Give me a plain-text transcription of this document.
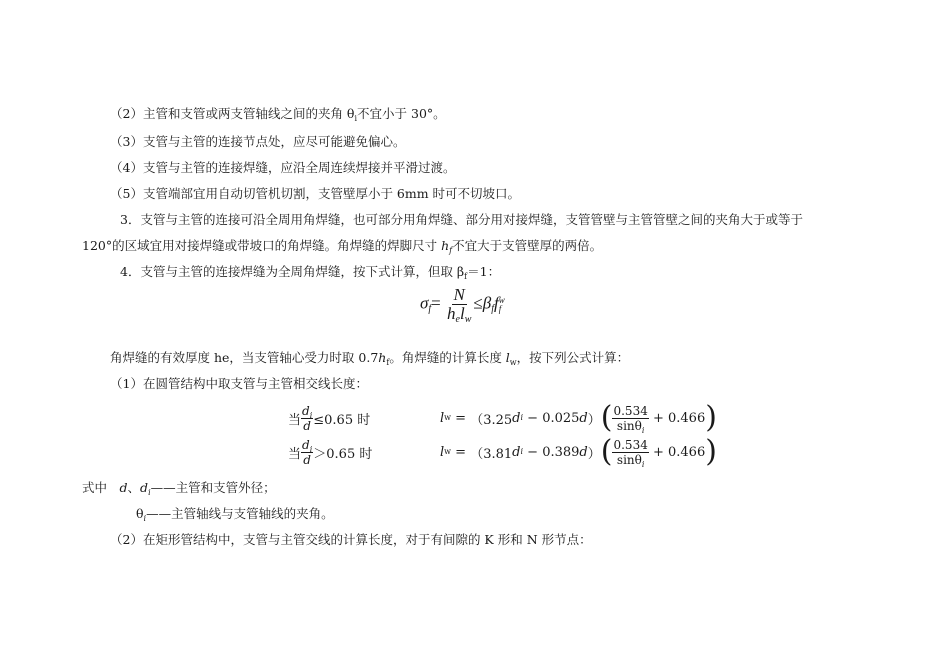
（2）主管和支管或两支管轴线之间的夹角 $\theta_i$不宜小于 30°。
（3）支管与主管的连接节点处，应尽可能避免偏心。
（4）支管与主管的连接焊缝，应沿全周连续焊接并平滑过渡。
（5）支管端部宜用自动切管机切割，支管壁厚小于 6mm 时可不切坡口。
3．支管与主管的连接可沿全周用角焊缝，也可部分用角焊缝、部分用对接焊缝，支管管壁与主管管壁之间的夹角大于或等于
120°的区域宜用对接焊缝或带坡口的角焊缝。角焊缝的焊脚尺寸 $h_f$不宜大于支管壁厚的两倍。
4．支管与主管的连接焊缝为全周角焊缝，按下式计算，但取 $\beta_f=1$：
$\sigma_f= \frac{N}{h_el_w} \le\beta_ff$ w
f
角焊缝的有效厚度 he，当支管轴心受力时取 $0.7h_f$。角焊缝的计算长度 $l_w$，按下列公式计算：
（1）在圆管结构中取支管与主管相交线长度：
当 $\frac{d_i}{d} \le 0.65$ 时	l w = （3.25 d i − 0.025 d ） ( $\frac{0.534}{\sin\theta_i} + 0.466$ )
当 $\frac{d_i}{d} >0.65$ 时	l w = （3.81 d i − 0.389 d ） ( $\frac{0.534}{\sin\theta_i} + 0.466$ )
式中　d、$d_i——$主管和支管外径；
$\theta_i——$主管轴线与支管轴线的夹角。
（2）在矩形管结构中，支管与主管交线的计算长度，对于有间隙的 K 形和 N 形节点：
